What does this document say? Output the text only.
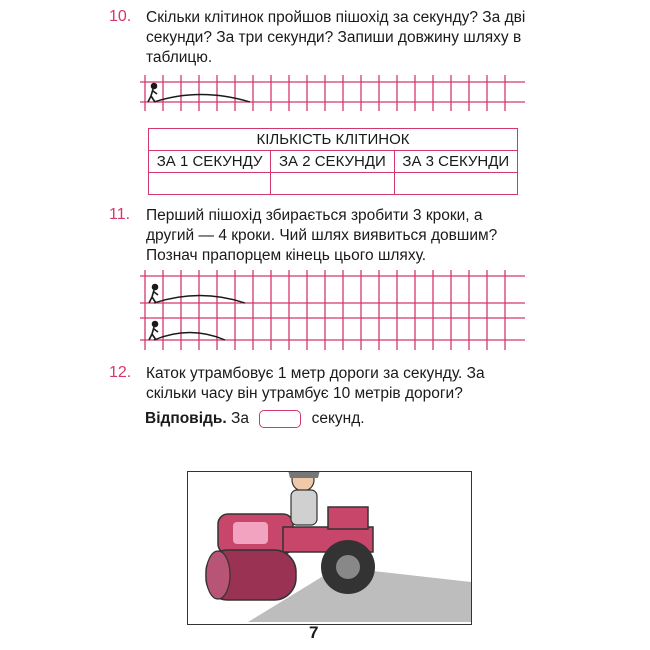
10. Скільки клітинок пройшов пішохід за секунду? За дві секунди? За три секунди? Запиши довжину шляху в таблицю.
КІЛЬКІСТЬ КЛІТИНОК		
ЗА 1 СЕКУНДУ	ЗА 2 СЕКУНДИ	ЗА 3 СЕКУНДИ

11. Перший пішохід збирається зробити 3 кроки, а другий — 4 кроки. Чий шлях виявиться довшим? Познач прапорцем кінець цього шляху.
12. Каток утрамбовує 1 метр дороги за секунду. За скільки часу він утрамбує 10 метрів дороги?
Відповідь. За	секунд.
7
